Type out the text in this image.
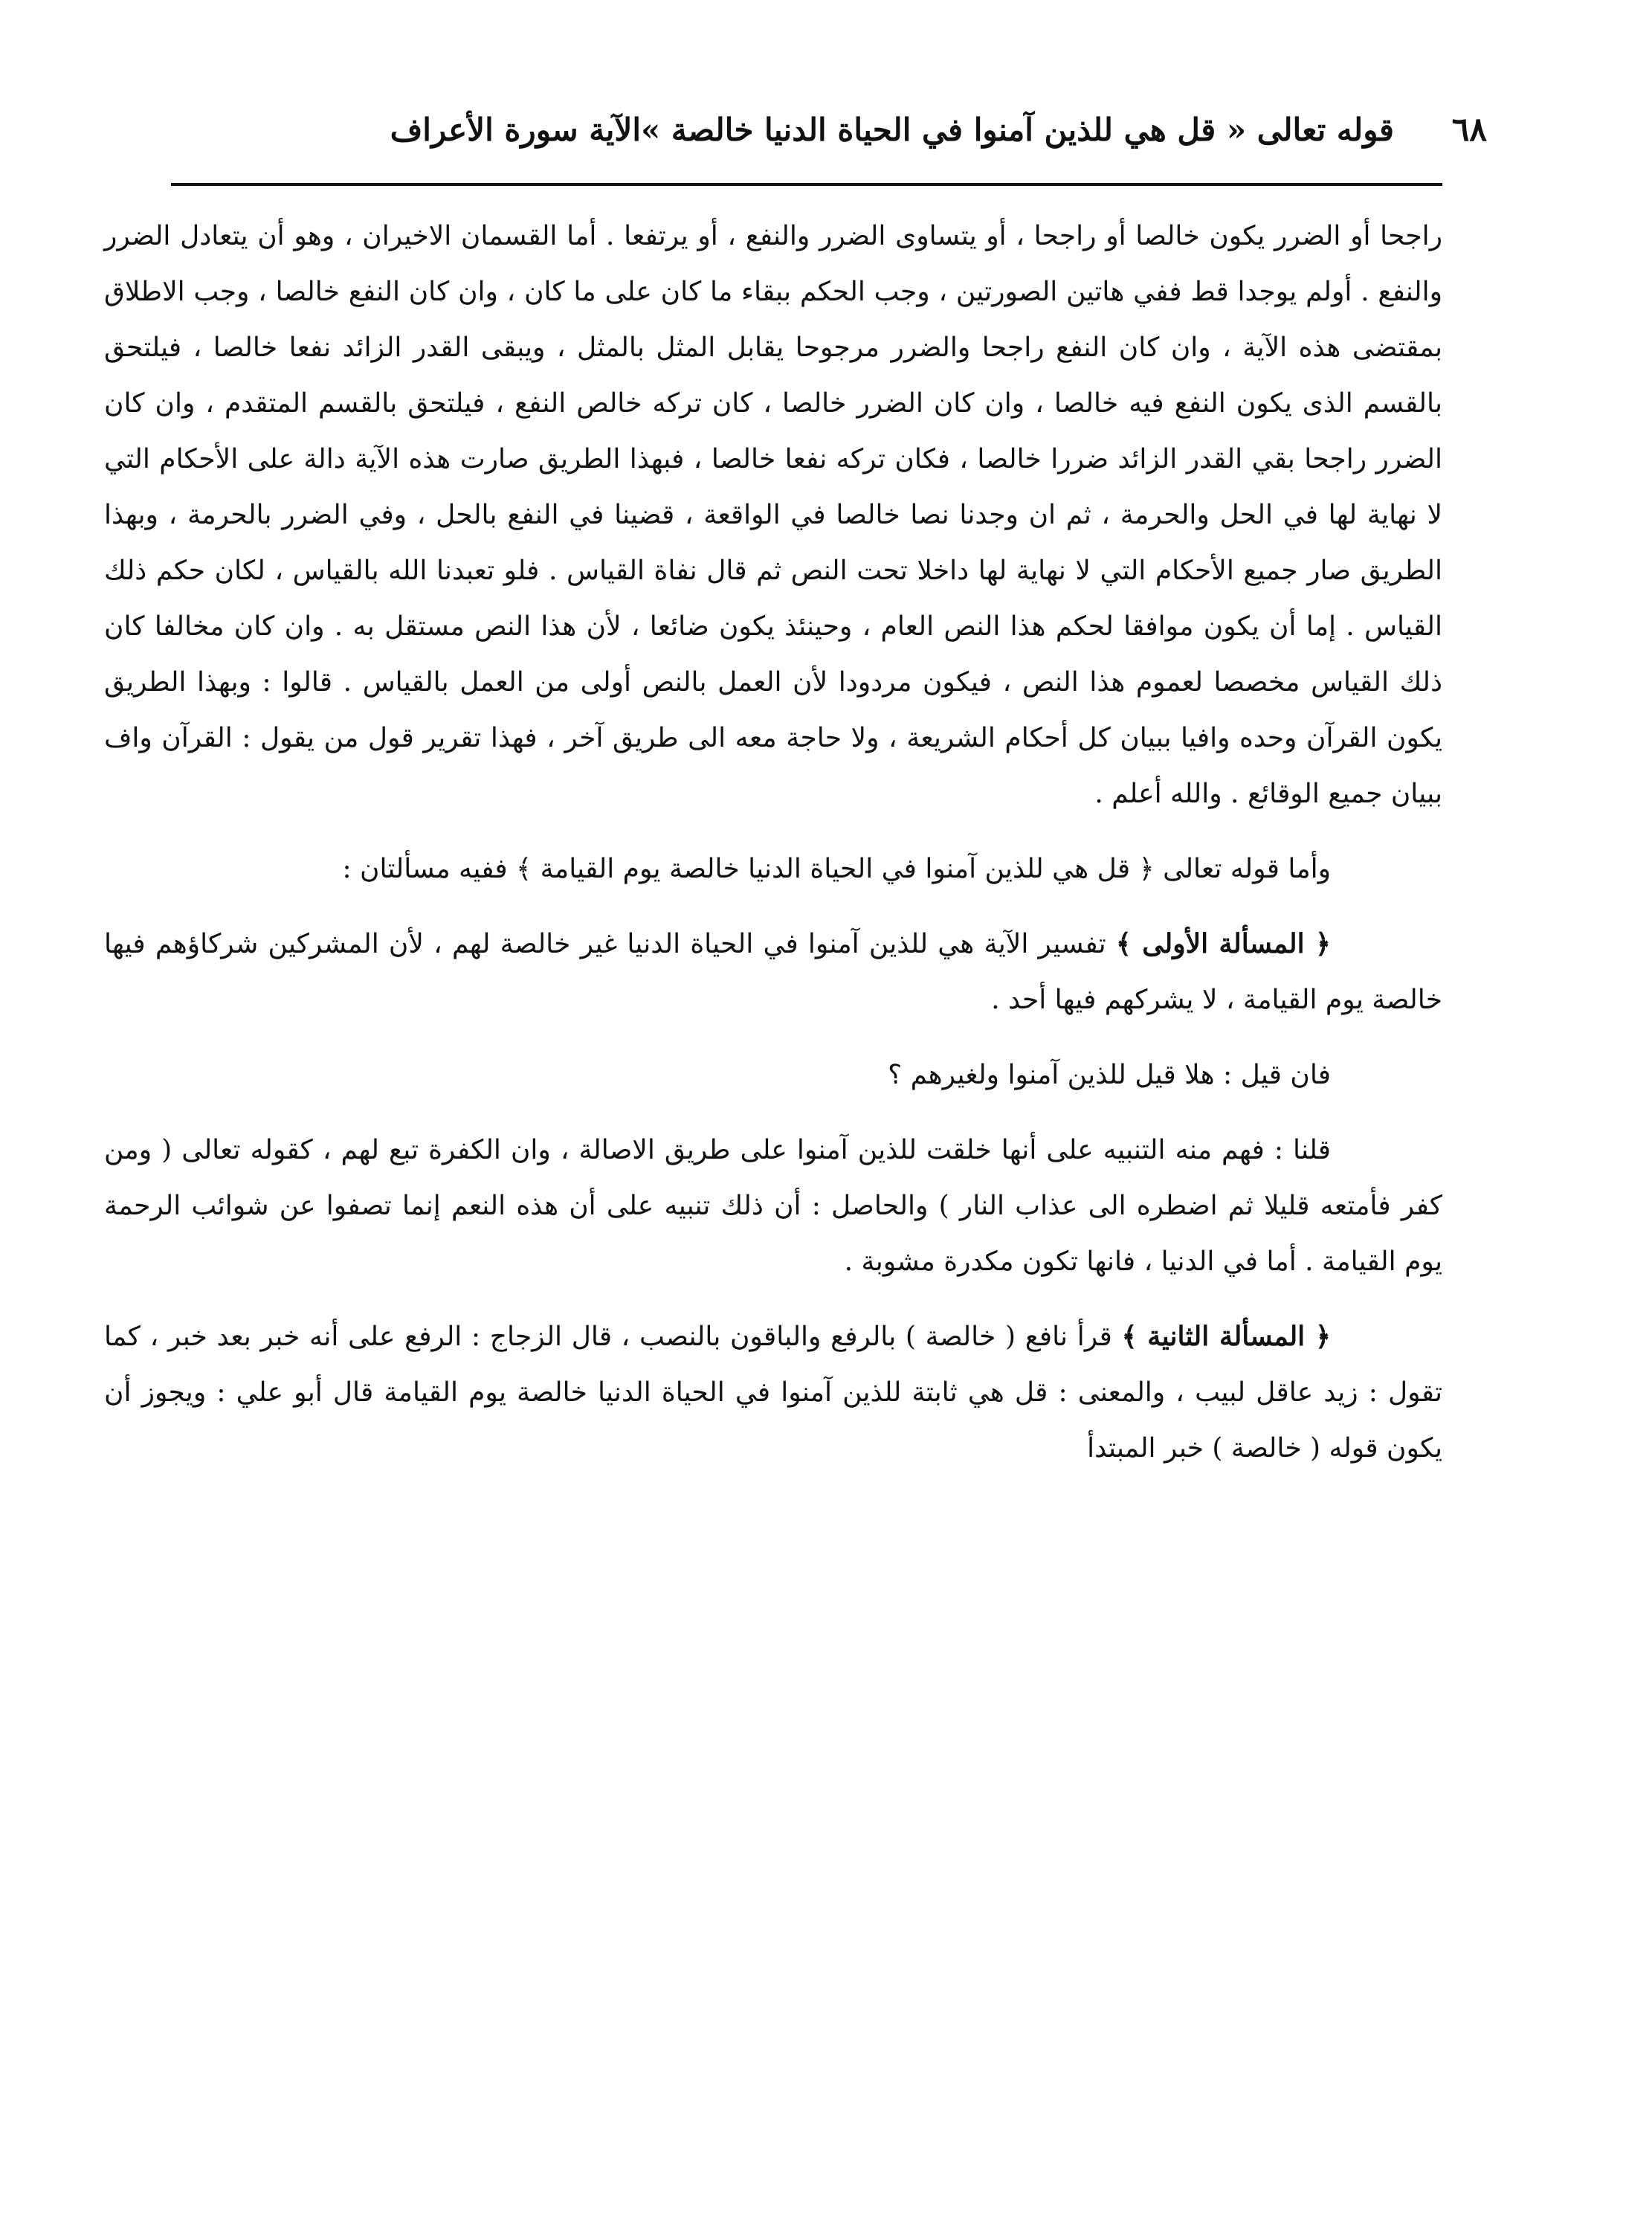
٦٨
قوله تعالى « قل هي للذين آمنوا في الحياة الدنيا خالصة »الآية سورة الأعراف

راجحا أو الضرر يكون خالصا أو راجحا ، أو يتساوى الضرر والنفع ، أو يرتفعا . أما القسمان الاخيران ، وهو أن يتعادل الضرر والنفع . أولم يوجدا قط ففي هاتين الصورتين ، وجب الحكم ببقاء ما كان على ما كان ، وان كان النفع خالصا ، وجب الاطلاق بمقتضى هذه الآية ، وان كان النفع راجحا والضرر مرجوحا يقابل المثل بالمثل ، ويبقى القدر الزائد نفعا خالصا ، فيلتحق بالقسم الذى يكون النفع فيه خالصا ، وان كان الضرر خالصا ، كان تركه خالص النفع ، فيلتحق بالقسم المتقدم ، وان كان الضرر راجحا بقي القدر الزائد ضررا خالصا ، فكان تركه نفعا خالصا ، فبهذا الطريق صارت هذه الآية دالة على الأحكام التي لا نهاية لها في الحل والحرمة ، ثم ان وجدنا نصا خالصا في الواقعة ، قضينا في النفع بالحل ، وفي الضرر بالحرمة ، وبهذا الطريق صار جميع الأحكام التي لا نهاية لها داخلا تحت النص ثم قال نفاة القياس . فلو تعبدنا الله بالقياس ، لكان حكم ذلك القياس . إما أن يكون موافقا لحكم هذا النص العام ، وحينئذ يكون ضائعا ، لأن هذا النص مستقل به . وان كان مخالفا كان ذلك القياس مخصصا لعموم هذا النص ، فيكون مردودا لأن العمل بالنص أولى من العمل بالقياس . قالوا : وبهذا الطريق يكون القرآن وحده وافيا ببيان كل أحكام الشريعة ، ولا حاجة معه الى طريق آخر ، فهذا تقرير قول من يقول : القرآن واف ببيان جميع الوقائع . والله أعلم .

وأما قوله تعالى ﴿ قل هي للذين آمنوا في الحياة الدنيا خالصة يوم القيامة ﴾ ففيه مسألتان :

﴿ المسألة الأولى ﴾ تفسير الآية هي للذين آمنوا في الحياة الدنيا غير خالصة لهم ، لأن المشركين شركاؤهم فيها خالصة يوم القيامة ، لا يشركهم فيها أحد .

فان قيل : هلا قيل للذين آمنوا ولغيرهم ؟

قلنا : فهم منه التنبيه على أنها خلقت للذين آمنوا على طريق الاصالة ، وان الكفرة تبع لهم ، كقوله تعالى ( ومن كفر فأمتعه قليلا ثم اضطره الى عذاب النار ) والحاصل : أن ذلك تنبيه على أن هذه النعم إنما تصفوا عن شوائب الرحمة يوم القيامة . أما في الدنيا ، فانها تكون مكدرة مشوبة .

﴿ المسألة الثانية ﴾ قرأ نافع ( خالصة ) بالرفع والباقون بالنصب ، قال الزجاج : الرفع على أنه خبر بعد خبر ، كما تقول : زيد عاقل لبيب ، والمعنى : قل هي ثابتة للذين آمنوا في الحياة الدنيا خالصة يوم القيامة قال أبو علي : ويجوز أن يكون قوله ( خالصة ) خبر المبتدأ
